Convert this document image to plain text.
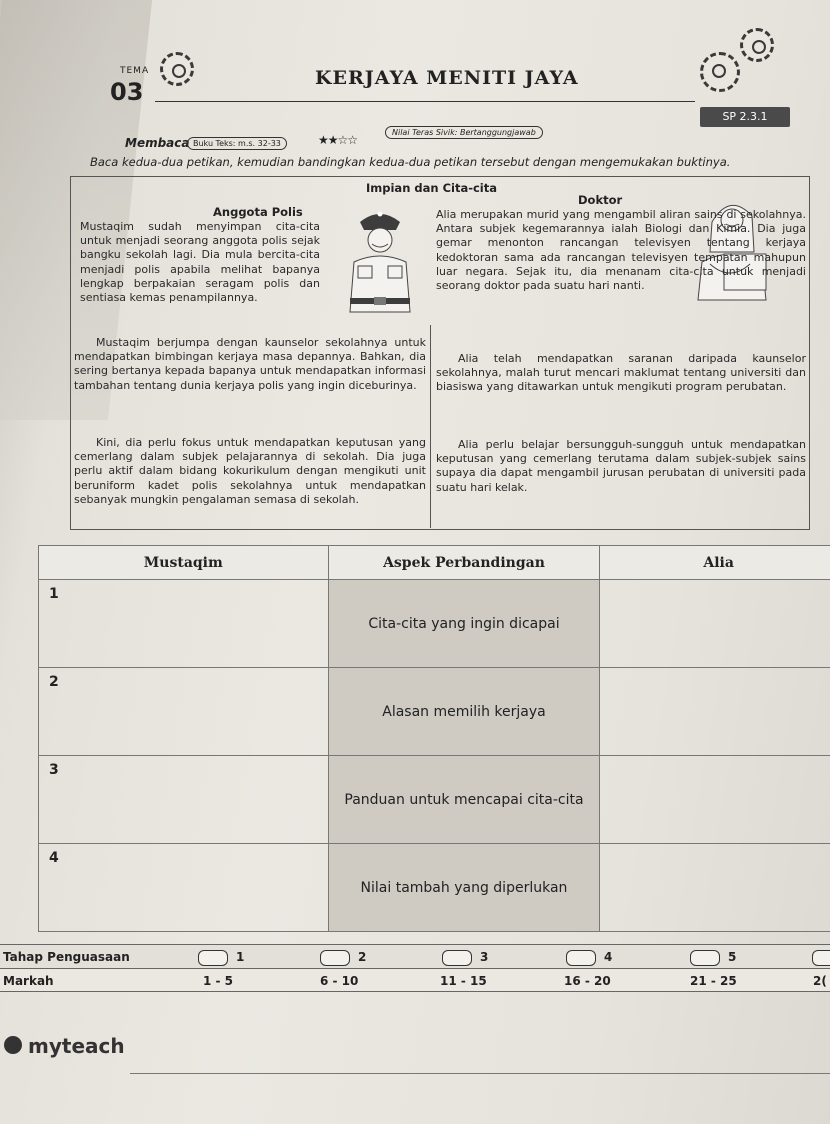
TEMA
03	KERJAYA MENITI JAYA
SP 2.3.1
Membaca Buku Teks: m.s. 32-33	★★☆☆
Nilai Teras Sivik: Bertanggungjawab
Baca kedua-dua petikan, kemudian bandingkan kedua-dua petikan tersebut dengan mengemukakan buktinya.
Impian dan Cita-cita
Anggota Polis
Mustaqim sudah menyimpan cita-cita untuk menjadi seorang anggota polis sejak bangku sekolah lagi. Dia mula bercita-cita menjadi polis apabila melihat bapanya lengkap berpakaian seragam polis dan sentiasa kemas penampilannya.
Doktor
Alia merupakan murid yang mengambil aliran sains di sekolahnya. Antara subjek kegemarannya ialah Biologi dan Kimia. Dia juga gemar menonton rancangan televisyen tentang kerjaya kedoktoran sama ada rancangan televisyen tempatan mahupun luar negara. Sejak itu, dia menanam cita-cita untuk menjadi seorang doktor pada suatu hari nanti.
Mustaqim berjumpa dengan kaunselor sekolahnya untuk mendapatkan bimbingan kerjaya masa depannya. Bahkan, dia sering bertanya kepada bapanya untuk mendapatkan informasi tambahan tentang dunia kerjaya polis yang ingin diceburinya.
Kini, dia perlu fokus untuk mendapatkan keputusan yang cemerlang dalam subjek pelajarannya di sekolah. Dia juga perlu aktif dalam bidang kokurikulum dengan mengikuti unit beruniform kadet polis sekolahnya untuk mendapatkan sebanyak mungkin pengalaman semasa di sekolah.
Alia telah mendapatkan saranan daripada kaunselor sekolahnya, malah turut mencari maklumat tentang universiti dan biasiswa yang ditawarkan untuk mengikuti program perubatan.
Alia perlu belajar bersungguh-sungguh untuk mendapatkan keputusan yang cemerlang terutama dalam subjek-subjek sains supaya dia dapat mengambil jurusan perubatan di universiti pada suatu hari kelak.
Mustaqim	Aspek Perbandingan	Alia
1	Cita-cita yang ingin dicapai	
2	Alasan memilih kerjaya	
3	Panduan untuk mencapai cita-cita	
4	Nilai tambah yang diperlukan	
Tahap Penguasaan	1	2	3	4	5
Markah	1 - 5	6 - 10	11 - 15	16 - 20	21 - 25	2(
myteach
